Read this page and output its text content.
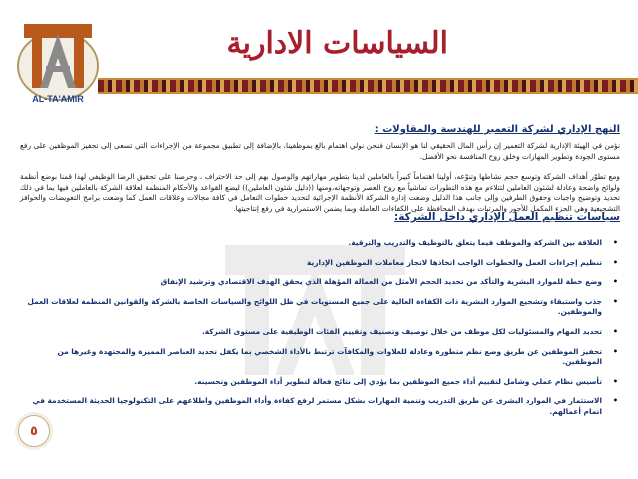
السياسات الادارية
AL-TA'AMIR
النهج الإداري لشركة التعمير للهندسة والمقاولات :

نؤمن في الهيئة الإدارية لشركة التعمير إن رأس المال الحقيقي لنا هو الإنسان فنحن نولي اهتمام بالغ بموظفينا، بالإضافة إلى تطبيق مجموعة من الإجراءات التي تسعى إلى تحفيز الموظفين على رفع مستوى الجودة وتطوير المهارات وخلق روح المنافسة نحو الأفضل.

ومع تطوّر أهداف الشركة وتوسع حجم نشاطها وتنوّعه، أولينا اهتماماً كبيراً بالعاملين لدينا بتطوير مهاراتهم والوصول بهم إلى حد الاحتراف ، وحرصنا على تحقيق الرضا الوظيفي لهذا قمنا بوضع أنظمة ولوائح واضحة وعادلة لشئون العاملين لتتلاءم مع هذه التطورات تماشياً مع روح العصر وتوجهاته،ومنها ((دليل شئون العاملين)) ليضع القواعد والأحكام المنظمة لعلاقة الشركة بالعاملين فيها بما في ذلك تحديد وتوضيح واجبات وحقوق الطرفين وإلى جانب هذا الدليل وضعت إدارة الشركة الأنظمة الإجرائية لتحديد خطوات التعامل في كافة مجالات وعلاقات العمل كما وضعت برامج التعويضات والحوافز التشجيعية وهي الجزء المكمل للأجور والمرتبات بهدف المحافظة على الكفاءات العاملة وبما يضمن الاستمرارية في رفع إنتاجيتها.

سياسات تنظيم العمل الإداري داخل الشركة:
•
العلاقة بين الشركة والموظف فيما يتعلق بالتوظيف والتدريب والترقية.
•
تنظيم إجراءات العمل والخطوات الواجب اتخاذها لانجاز معاملات الموظفين الإدارية
•
وضع خطة للموارد البشرية والتأكد من تحديد الحجم الأمثل من العمالة المؤهلة الذي يحقق الهدف الاقتصادي وترشيد الإنفاق
•
جذب واستبقاء وتشجيع الموارد البشرية ذات الكفاءة العالية على جميع المستويات في ظل اللوائح والسياسات الخاصة بالشركة والقوانين المنظمة لعلاقات العمل والموظفين.
•
تحديد المهام والمسئوليات لكل موظف من خلال توصيف وتصنيف وتقييم الفئات الوظيفية على مستوى الشركة.
•
تحفيز الموظفين عن طريق وضع نظم متطورة وعادلة للعلاوات والمكافآت ترتبط بالأداء الشخصي بما يكفل تحديد العناصر المميزة والمجتهدة وغيرها من الموظفين.
•
تأسيس نظام عملي وشامل لتقييم أداء جميع الموظفين بما يؤدي إلى نتائج فعالة لتطوير أداء الموظفين وتحسينه.
•
الاستثمار في الموارد البشرى عن طريق التدريب وتنمية المهارات بشكل مستمر لرفع كفاءة وأداء الموظفين واطلاعهم على التكنولوجيا الحديثة المستخدمة في اتمام أعمالهم.
٥
